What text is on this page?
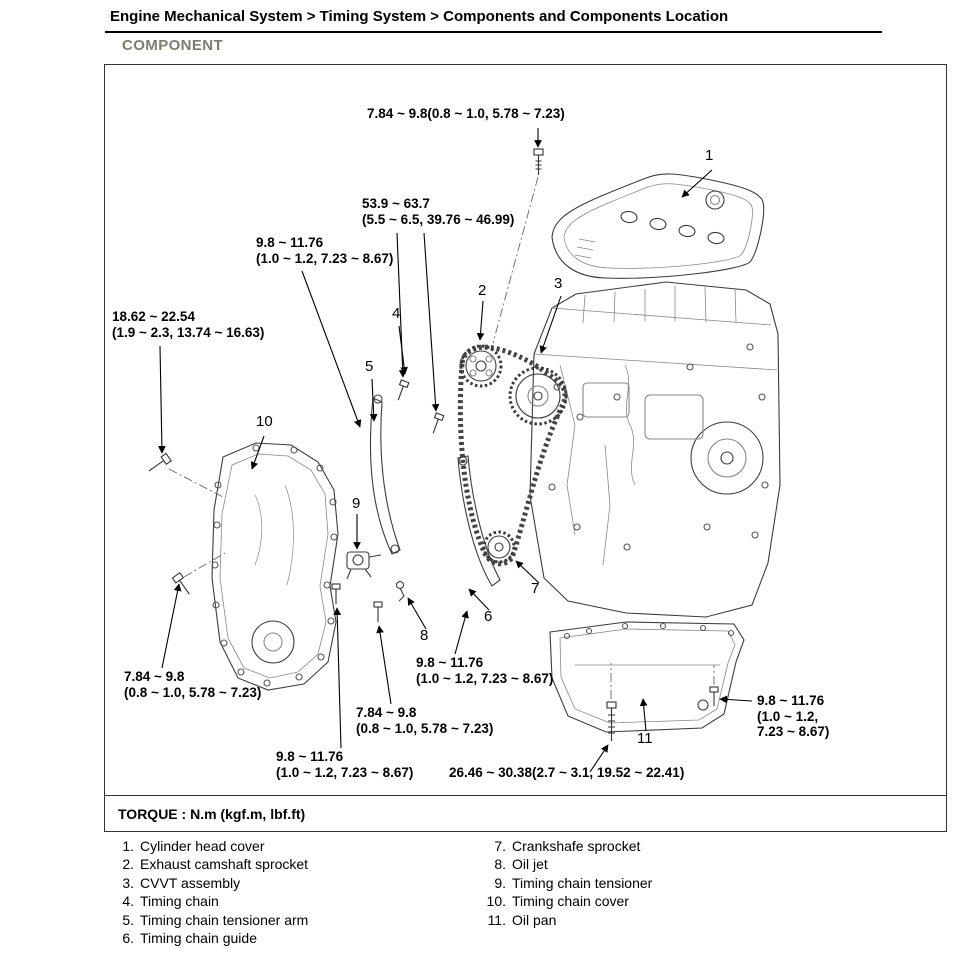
Engine Mechanical System > Timing System > Components and Components Location
COMPONENT
TORQUE : N.m (kgf.m, lbf.ft)
7.84 ~ 9.8(0.8 ~ 1.0, 5.78 ~ 7.23)
53.9 ~ 63.7
(5.5 ~ 6.5, 39.76 ~ 46.99)
9.8 ~ 11.76
(1.0 ~ 1.2, 7.23 ~ 8.67)
18.62 ~ 22.54
(1.9 ~ 2.3, 13.74 ~ 16.63)
7.84 ~ 9.8
(0.8 ~ 1.0, 5.78 ~ 7.23)
9.8 ~ 11.76
(1.0 ~ 1.2, 7.23 ~ 8.67)
7.84 ~ 9.8
(0.8 ~ 1.0, 5.78 ~ 7.23)
9.8 ~ 11.76
(1.0 ~ 1.2, 7.23 ~ 8.67)	26.46 ~ 30.38(2.7 ~ 3.1, 19.52 ~ 22.41)
9.8 ~ 11.76
(1.0 ~ 1.2,
7.23 ~ 8.67)
1
2	3
4
5
6
7
8
9
10
11
1. Cylinder head cover
2. Exhaust camshaft sprocket
3. CVVT assembly
4. Timing chain
5. Timing chain tensioner arm
6. Timing chain guide
7. Crankshafe sprocket
8. Oil jet
9. Timing chain tensioner
10. Timing chain cover
11. Oil pan
